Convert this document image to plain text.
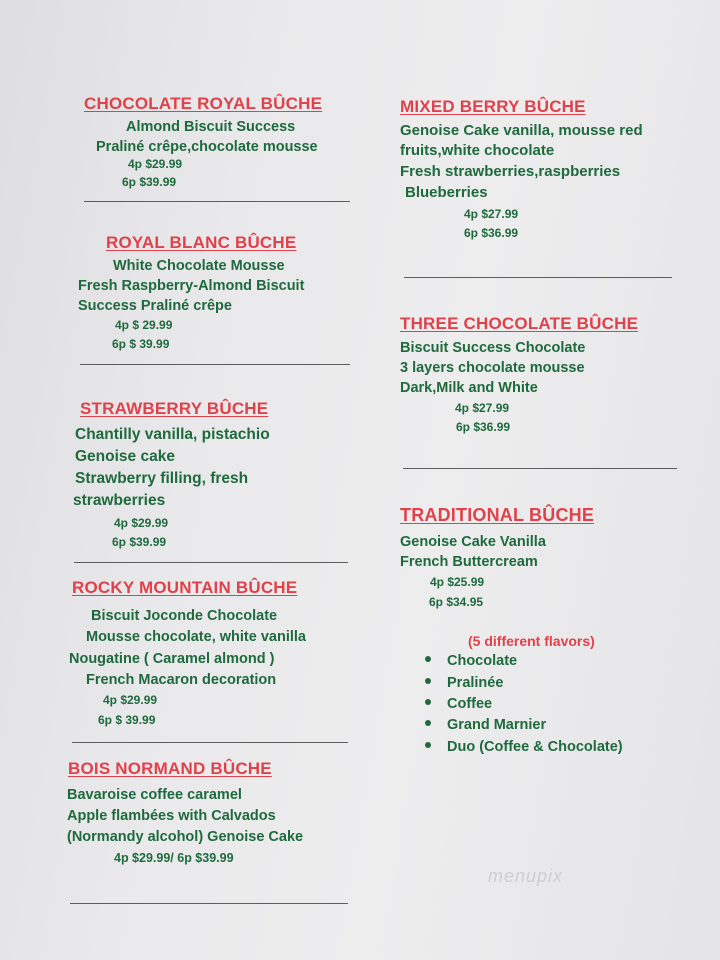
CHOCOLATE ROYAL BÛCHE
Almond Biscuit Success
Praliné crêpe,chocolate mousse
4p $29.99
6p $39.99
ROYAL BLANC BÛCHE
White Chocolate Mousse
Fresh Raspberry-Almond Biscuit
Success Praliné crêpe
4p $ 29.99
6p $ 39.99
STRAWBERRY BÛCHE
Chantilly vanilla, pistachio
Genoise cake
Strawberry filling, fresh
strawberries
4p $29.99
6p $39.99
ROCKY MOUNTAIN BÛCHE
Biscuit Joconde Chocolate
Mousse chocolate, white vanilla
Nougatine ( Caramel almond )
French Macaron decoration
4p $29.99
6p $ 39.99
BOIS NORMAND BÛCHE
Bavaroise coffee caramel
Apple flambées with Calvados
(Normandy alcohol) Genoise Cake
4p $29.99/ 6p $39.99
MIXED BERRY BÛCHE
Genoise Cake vanilla, mousse red
fruits,white chocolate
Fresh strawberries,raspberries
Blueberries
4p $27.99
6p $36.99
THREE CHOCOLATE BÛCHE
Biscuit Success Chocolate
3 layers chocolate mousse
Dark,Milk and White
4p $27.99
6p $36.99
TRADITIONAL BÛCHE
Genoise Cake Vanilla
French Buttercream
4p $25.99
6p $34.95
(5 different flavors)
Chocolate
Pralinée
Coffee
Grand Marnier
Duo (Coffee & Chocolate)
menupix
